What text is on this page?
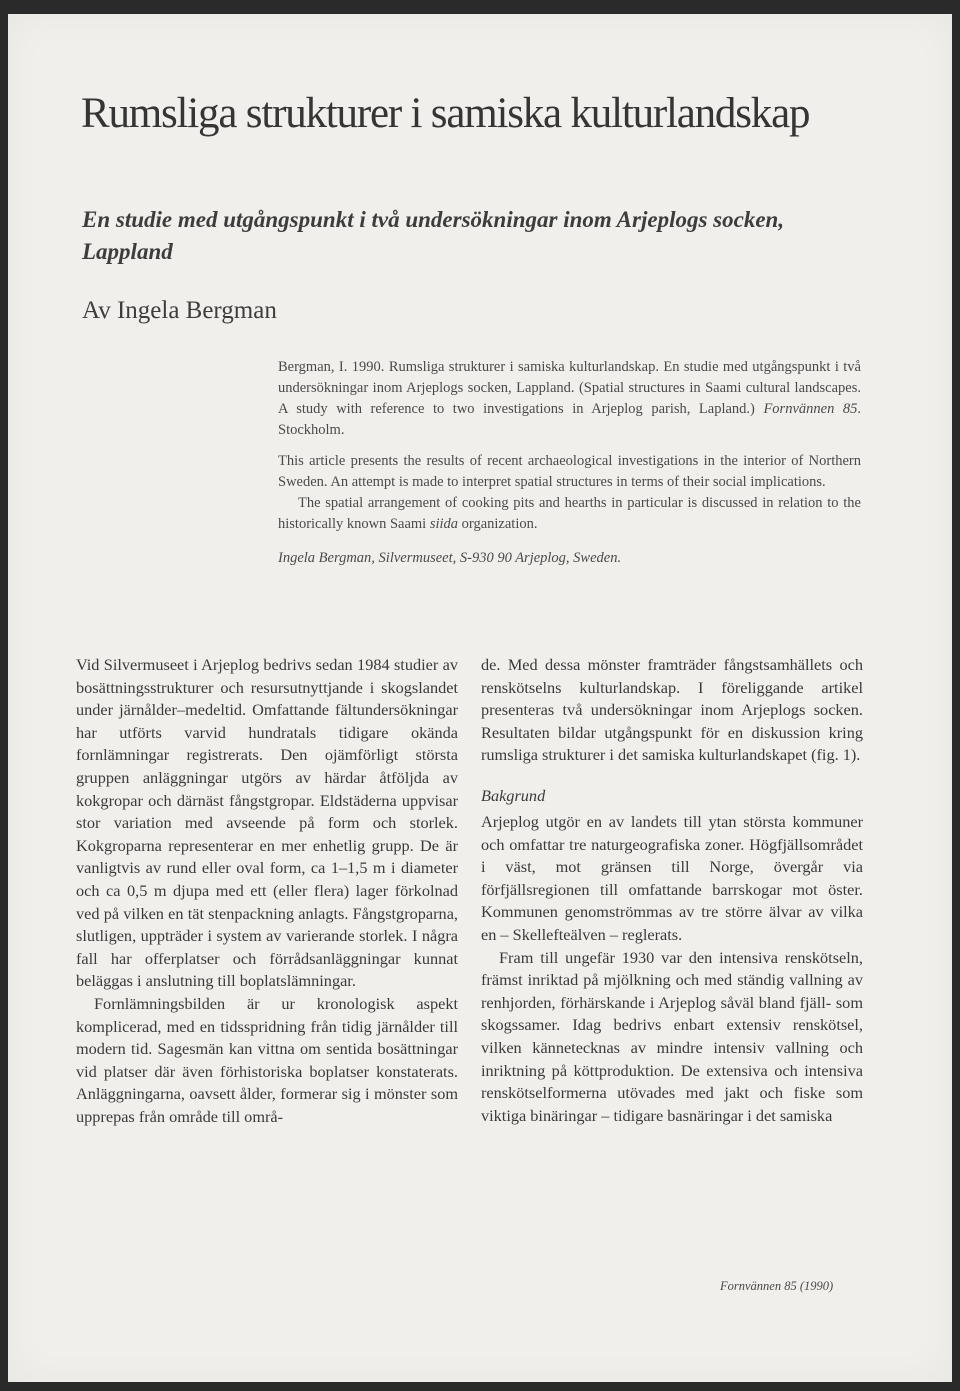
Rumsliga strukturer i samiska kulturlandskap
En studie med utgångspunkt i två undersökningar inom Arjeplogs socken, Lappland
Av Ingela Bergman

Bergman, I. 1990. Rumsliga strukturer i samiska kulturlandskap. En studie med utgångspunkt i två undersökningar inom Arjeplogs socken, Lappland. (Spatial structures in Saami cultural landscapes. A study with reference to two investigations in Arjeplog parish, Lapland.) Fornvännen 85. Stockholm.

This article presents the results of recent archaeological investigations in the interior of Northern Sweden. An attempt is made to interpret spatial structures in terms of their social implications.

The spatial arrangement of cooking pits and hearths in particular is discussed in relation to the historically known Saami siida organization.

Ingela Bergman, Silvermuseet, S-930 90 Arjeplog, Sweden.

Vid Silvermuseet i Arjeplog bedrivs sedan 1984 studier av bosättningsstrukturer och resursutnyttjande i skogslandet under järnålder–medeltid. Omfattande fältundersökningar har utförts varvid hundratals tidigare okända fornlämningar registrerats. Den ojämförligt största gruppen anläggningar utgörs av härdar åtföljda av kokgropar och därnäst fångstgropar. Eldstäderna uppvisar stor variation med avseende på form och storlek. Kokgroparna representerar en mer enhetlig grupp. De är vanligtvis av rund eller oval form, ca 1–1,5 m i diameter och ca 0,5 m djupa med ett (eller flera) lager förkolnad ved på vilken en tät stenpackning anlagts. Fångstgroparna, slutligen, uppträder i system av varierande storlek. I några fall har offerplatser och förrådsanläggningar kunnat beläggas i anslutning till boplatslämningar.

Fornlämningsbilden är ur kronologisk aspekt komplicerad, med en tidsspridning från tidig järnålder till modern tid. Sagesmän kan vittna om sentida bosättningar vid platser där även förhistoriska boplatser konstaterats. Anläggningarna, oavsett ålder, formerar sig i mönster som upprepas från område till områ-

de. Med dessa mönster framträder fångstsamhällets och renskötselns kulturlandskap. I föreliggande artikel presenteras två undersökningar inom Arjeplogs socken. Resultaten bildar utgångspunkt för en diskussion kring rumsliga strukturer i det samiska kulturlandskapet (fig. 1).

Bakgrund

Arjeplog utgör en av landets till ytan största kommuner och omfattar tre naturgeografiska zoner. Högfjällsområdet i väst, mot gränsen till Norge, övergår via förfjällsregionen till omfattande barrskogar mot öster. Kommunen genomströmmas av tre större älvar av vilka en – Skellefteälven – reglerats.

Fram till ungefär 1930 var den intensiva renskötseln, främst inriktad på mjölkning och med ständig vallning av renhjorden, förhärskande i Arjeplog såväl bland fjäll- som skogssamer. Idag bedrivs enbart extensiv renskötsel, vilken kännetecknas av mindre intensiv vallning och inriktning på köttproduktion. De extensiva och intensiva renskötselformerna utövades med jakt och fiske som viktiga binäringar – tidigare basnäringar i det samiska

Fornvännen 85 (1990)
